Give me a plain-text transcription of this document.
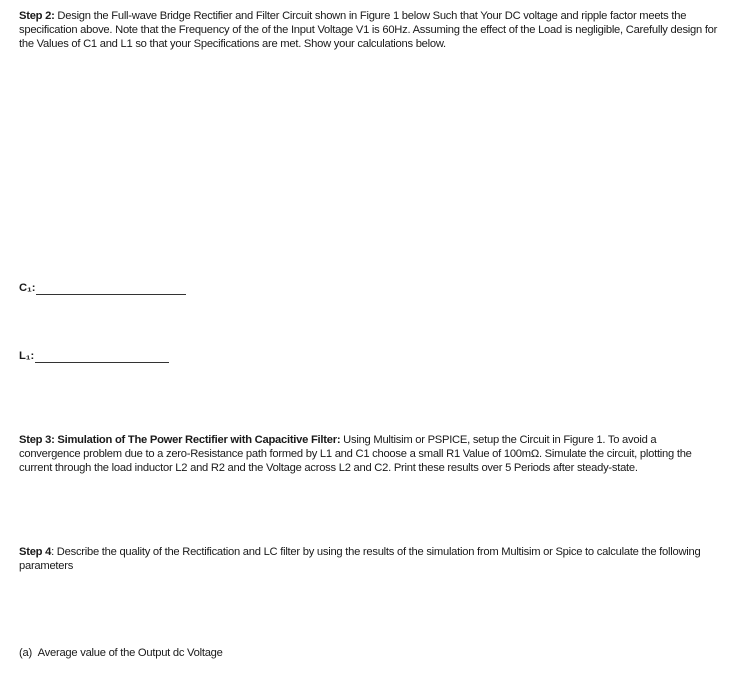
Step 2: Design the Full-wave Bridge Rectifier and Filter Circuit shown in Figure 1 below Such that Your DC voltage and ripple factor meets the specification above. Note that the Frequency of the of the Input Voltage V1 is 60Hz. Assuming the effect of the Load is negligible, Carefully design for the Values of C1 and L1 so that your Specifications are met. Show your calculations below.

C₁:
L₁:

Step 3: Simulation of The Power Rectifier with Capacitive Filter: Using Multisim or PSPICE, setup the Circuit in Figure 1. To avoid a convergence problem due to a zero-Resistance path formed by L1 and C1 choose a small R1 Value of 100mΩ. Simulate the circuit, plotting the current through the load inductor L2 and R2 and the Voltage across L2 and C2. Print these results over 5 Periods after steady-state.

Step 4: Describe the quality of the Rectification and LC filter by using the results of the simulation from Multisim or Spice to calculate the following parameters

(a) Average value of the Output dc Voltage
